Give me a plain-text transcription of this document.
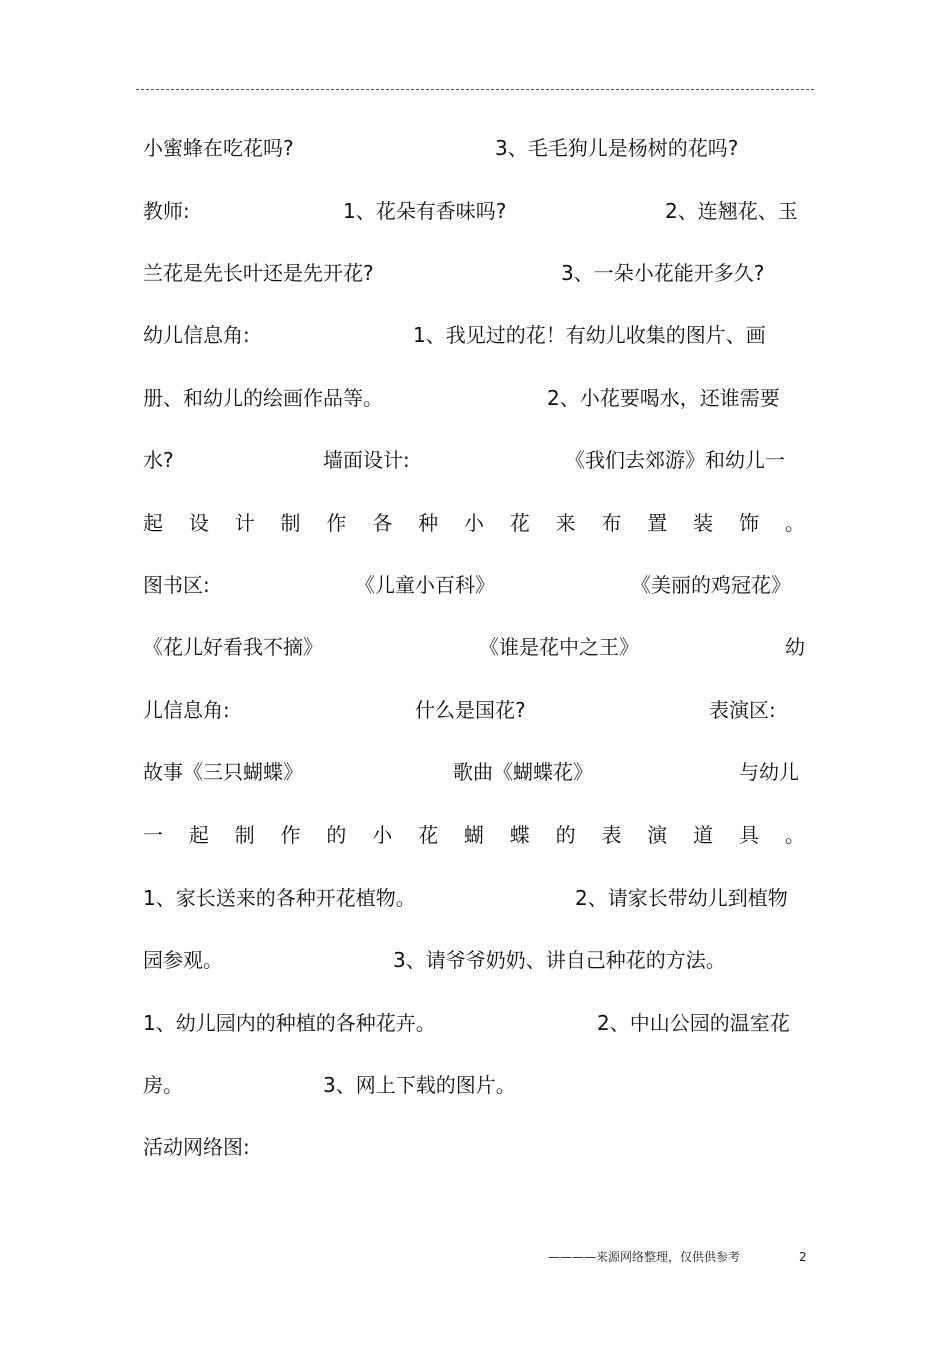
小蜜蜂在吃花吗?	3、毛毛狗儿是杨树的花吗?
教师:	1、花朵有香味吗?	2、连翘花、玉
兰花是先长叶还是先开花?	3、一朵小花能开多久?
幼儿信息角:	1、我见过的花！有幼儿收集的图片、画
册、和幼儿的绘画作品等。	2、小花要喝水，还谁需要
水?	墙面设计:	《我们去郊游》和幼儿一
起 设 计 制 作 各 种 小 花 来 布 置 装 饰 。
图书区:	《儿童小百科》	《美丽的鸡冠花》
《花儿好看我不摘》	《谁是花中之王》	幼
儿信息角:	什么是国花?	表演区:
故事《三只蝴蝶》	歌曲《蝴蝶花》	与幼儿
一 起 制 作 的 小 花 蝴 蝶 的 表 演 道 具 。
1、家长送来的各种开花植物。	2、请家长带幼儿到植物
园参观。	3、请爷爷奶奶、讲自己种花的方法。
1、幼儿园内的种植的各种花卉。	2、中山公园的温室花
房。	3、网上下载的图片。
活动网络图:
————来源网络整理，仅供供参考	2
